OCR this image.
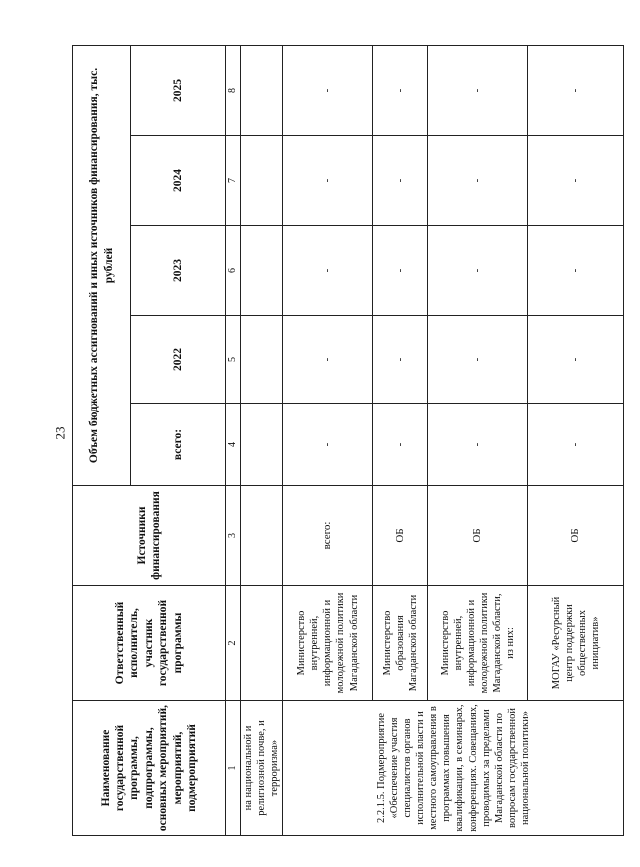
23
Наименование государственной программы, подпрограммы, основных мероприятий, мероприятий, подмероприятий	Ответственный исполнитель, участник государственной программы	Источники финансирования	Объем бюджетных ассигнований и иных источников финансирования, тыс. рублей				
			всего:	2022	2023	2024	2025
1	2	3	4	5	6	7	8
на национальной и религиозной почве, и терроризма»							
2.2.1.5. Подмероприятие «Обеспечение участия специалистов органов исполнительной власти и местного самоуправления в программах повышения квалификации, в семинарах, конференциях. Совещаниях, проводимых за пределами Магаданской области по вопросам государственной национальной политики»	Министерство внутренней, информационной и молодежной политики Магаданской области	всего:	-	-	-	-	-
	Министерство образования Магаданской области	ОБ	-	-	-	-	-
	Министерство внутренней, информационной и молодежной политики Магаданской области, из них:	ОБ	-	-	-	-	-
	МОГАУ «Ресурсный центр поддержки общественных инициатив»	ОБ	-	-	-	-	-
